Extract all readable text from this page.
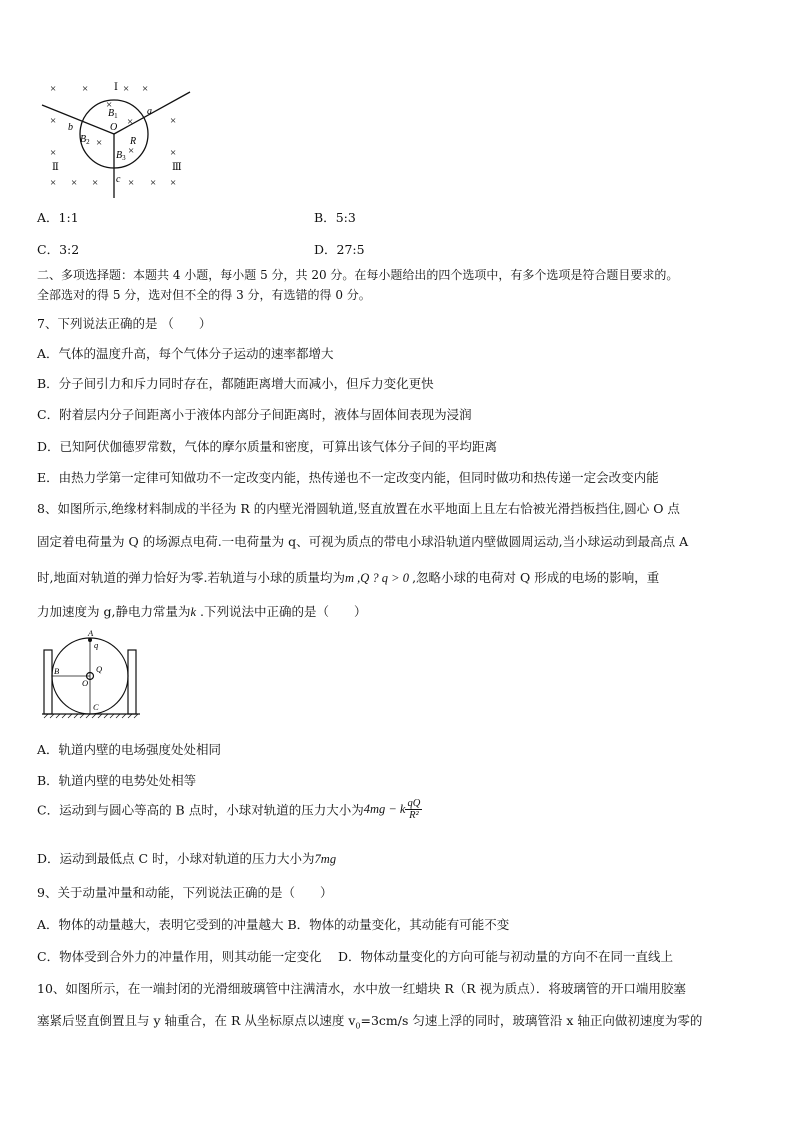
× ×	× ×
×	×
×	×
× × ×	× × ×
×
×
×
×
Ⅰ
Ⅱ	Ⅲ
O
a
b
c
R
$B_1$
$B_2$
$B_3$
A．1:1	B．5:3
C．3:2	D．27:5
二、多项选择题：本题共 4 小题，每小题 5 分，共 20 分。在每小题给出的四个选项中，有多个选项是符合题目要求的。
全部选对的得 5 分，选对但不全的得 3 分，有选错的得 0 分。
7、下列说法正确的是 （　　）
A．气体的温度升高，每个气体分子运动的速率都增大
B．分子间引力和斥力同时存在，都随距离增大而减小，但斥力变化更快
C．附着层内分子间距离小于液体内部分子间距离时，液体与固体间表现为浸润
D．已知阿伏伽德罗常数，气体的摩尔质量和密度，可算出该气体分子间的平均距离
E．由热力学第一定律可知做功不一定改变内能，热传递也不一定改变内能，但同时做功和热传递一定会改变内能
8、如图所示,绝缘材料制成的半径为 R 的内壁光滑圆轨道,竖直放置在水平地面上且左右恰被光滑挡板挡住,圆心 O 点
固定着电荷量为 Q 的场源点电荷.一电荷量为 q、可视为质点的带电小球沿轨道内壁做圆周运动,当小球运动到最高点 A
时,地面对轨道的弹力恰好为零.若轨道与小球的质量均为m ,Q ? q > 0 ,忽略小球的电荷对 Q 形成的电场的影响，重
力加速度为 g,静电力常量为k .下列说法中正确的是（　　）
A
q
Q
B
O
C
A．轨道内壁的电场强度处处相同
B．轨道内壁的电势处处相等
C．运动到与圆心等高的 B 点时，小球对轨道的压力大小为4mg − k $\frac{qQ}{\text{R²}}$
D．运动到最低点 C 时，小球对轨道的压力大小为7mg
9、关于动量冲量和动能，下列说法正确的是（　　）
A．物体的动量越大，表明它受到的冲量越大 B．物体的动量变化，其动能有可能不变
C．物体受到合外力的冲量作用，则其动能一定变化　 D．物体动量变化的方向可能与初动量的方向不在同一直线上
10、如图所示，在一端封闭的光滑细玻璃管中注满清水，水中放一红蜡块 R（R 视为质点）．将玻璃管的开口端用胶塞
塞紧后竖直倒置且与 y 轴重合，在 R 从坐标原点以速度 $v_0=3cm/s$ 匀速上浮的同时，玻璃管沿 x 轴正向做初速度为零的
